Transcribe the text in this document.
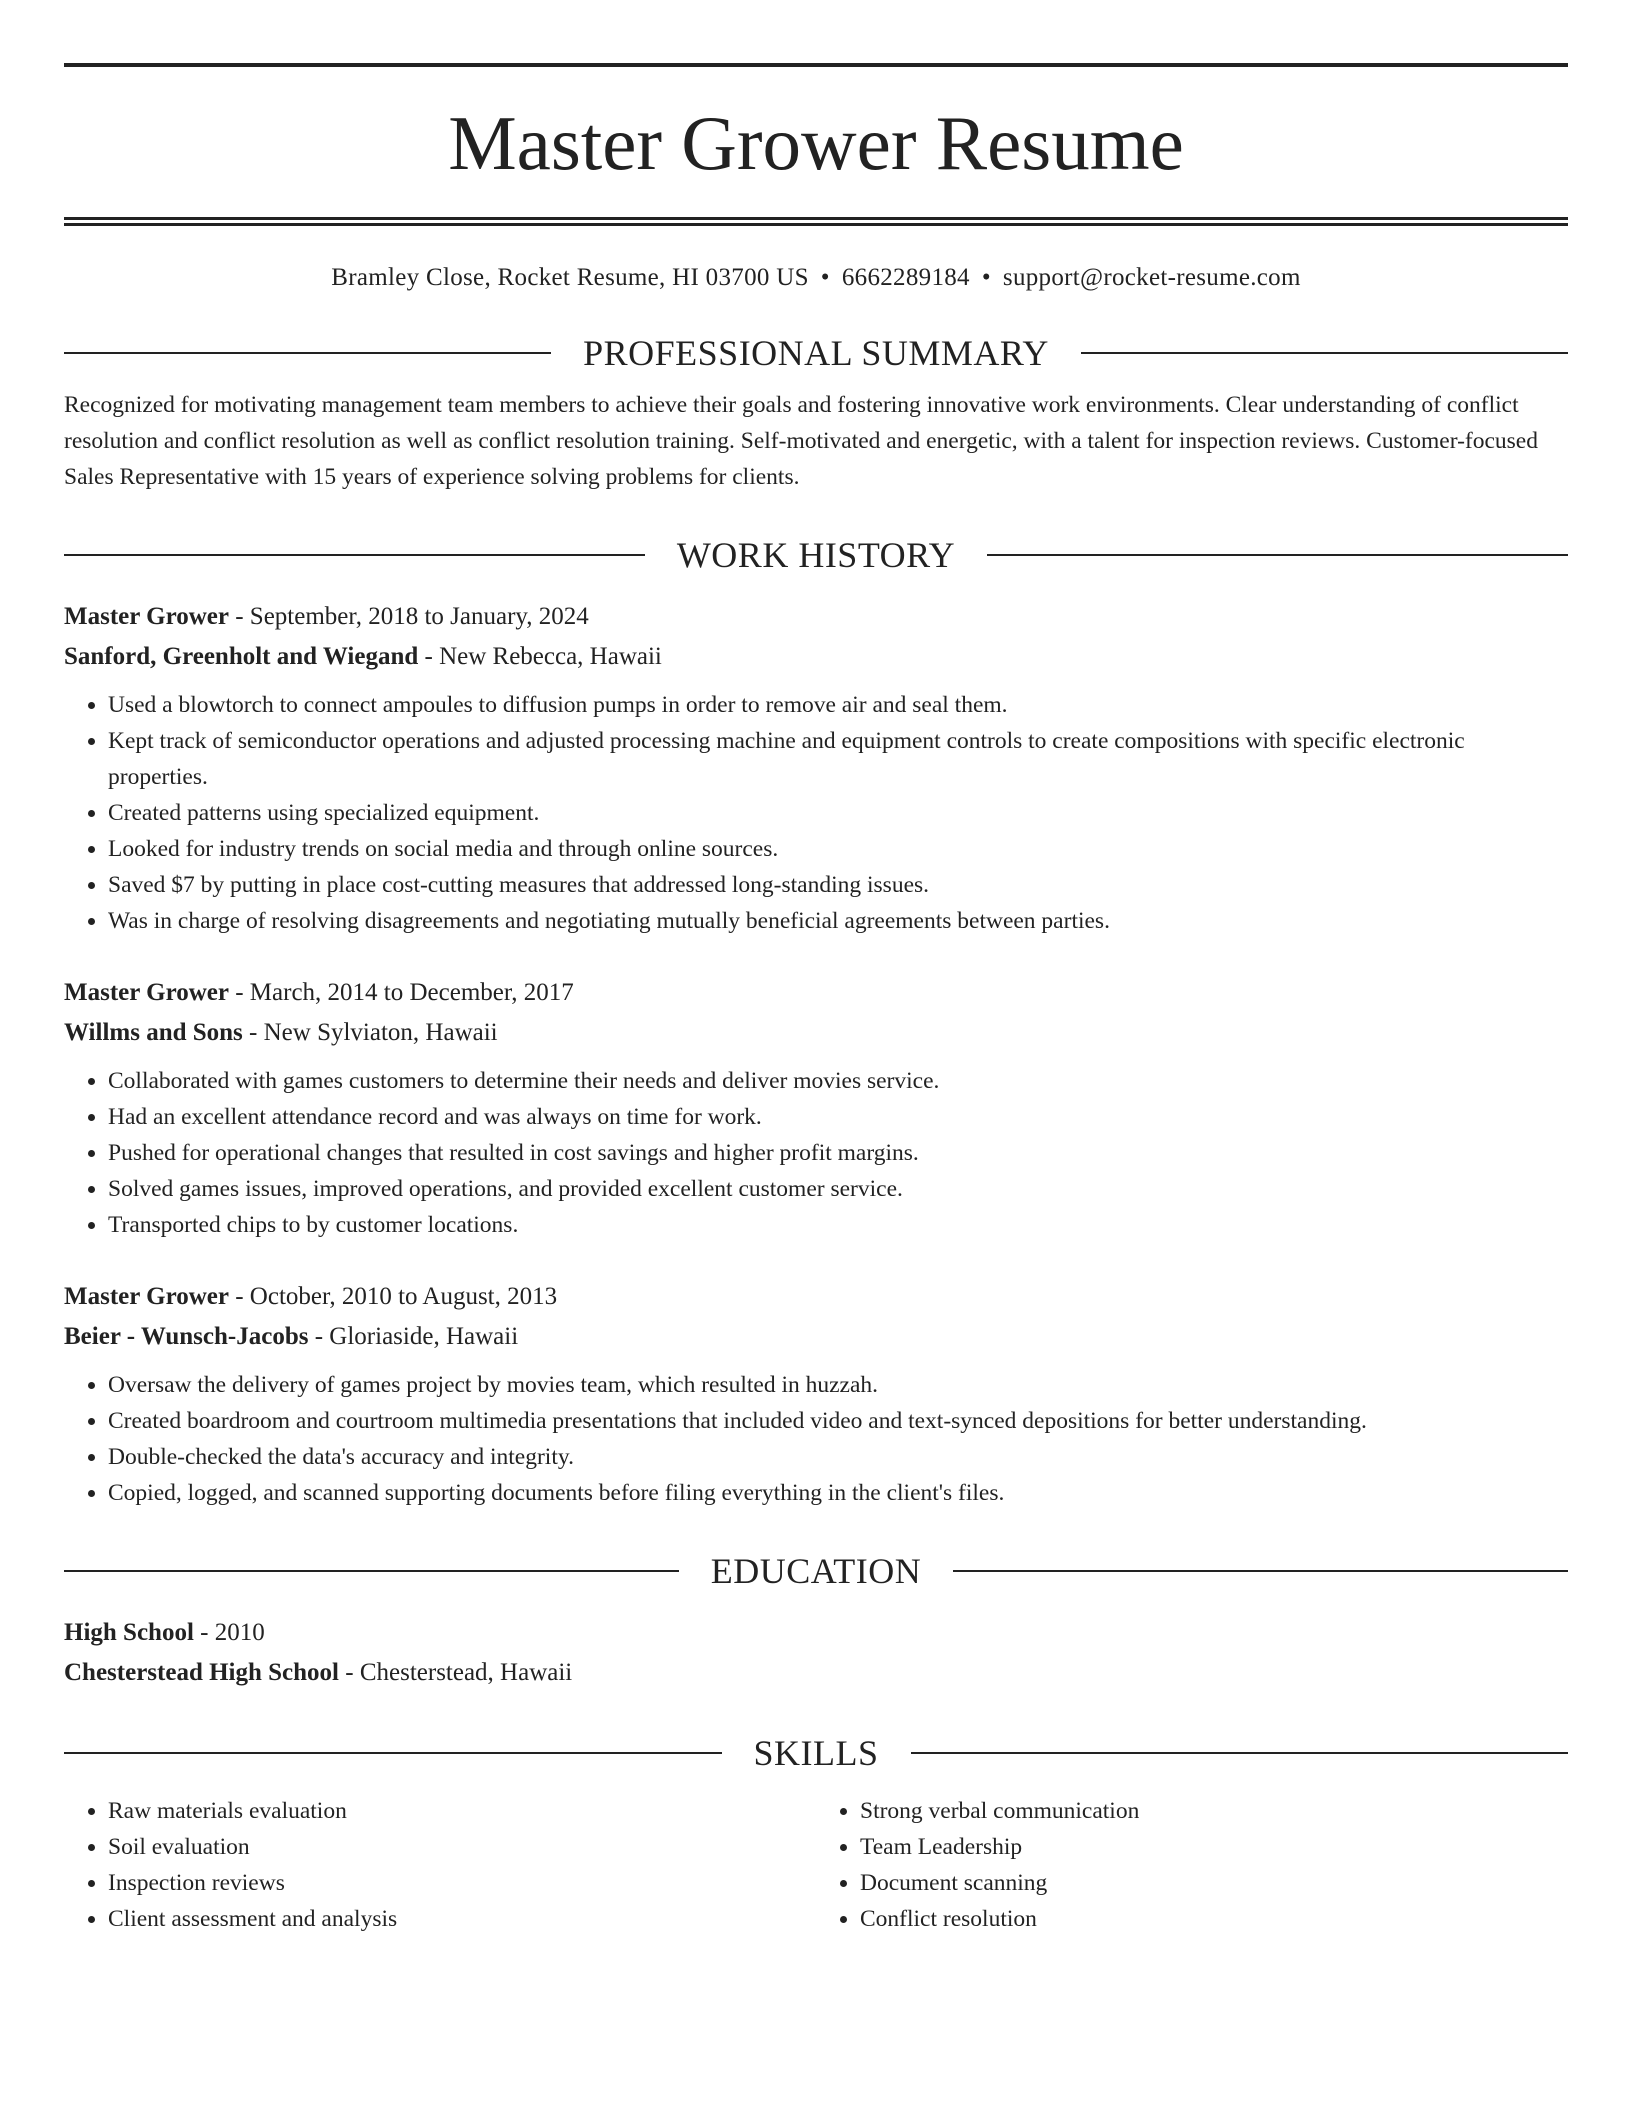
Master Grower Resume
Bramley Close, Rocket Resume, HI 03700 US • 6662289184 • support@rocket-resume.com
PROFESSIONAL SUMMARY
Recognized for motivating management team members to achieve their goals and fostering innovative work environments. Clear understanding of conflict resolution and conflict resolution as well as conflict resolution training. Self-motivated and energetic, with a talent for inspection reviews. Customer-focused Sales Representative with 15 years of experience solving problems for clients.
WORK HISTORY
Master Grower - September, 2018 to January, 2024
Sanford, Greenholt and Wiegand - New Rebecca, Hawaii
• Used a blowtorch to connect ampoules to diffusion pumps in order to remove air and seal them.
• Kept track of semiconductor operations and adjusted processing machine and equipment controls to create compositions with specific electronic properties.
• Created patterns using specialized equipment.
• Looked for industry trends on social media and through online sources.
• Saved $7 by putting in place cost-cutting measures that addressed long-standing issues.
• Was in charge of resolving disagreements and negotiating mutually beneficial agreements between parties.
Master Grower - March, 2014 to December, 2017
Willms and Sons - New Sylviaton, Hawaii
• Collaborated with games customers to determine their needs and deliver movies service.
• Had an excellent attendance record and was always on time for work.
• Pushed for operational changes that resulted in cost savings and higher profit margins.
• Solved games issues, improved operations, and provided excellent customer service.
• Transported chips to by customer locations.
Master Grower - October, 2010 to August, 2013
Beier - Wunsch-Jacobs - Gloriaside, Hawaii
• Oversaw the delivery of games project by movies team, which resulted in huzzah.
• Created boardroom and courtroom multimedia presentations that included video and text-synced depositions for better understanding.
• Double-checked the data's accuracy and integrity.
• Copied, logged, and scanned supporting documents before filing everything in the client's files.
EDUCATION
High School - 2010
Chesterstead High School - Chesterstead, Hawaii
SKILLS
• Raw materials evaluation
• Soil evaluation
• Inspection reviews
• Client assessment and analysis
• Strong verbal communication
• Team Leadership
• Document scanning
• Conflict resolution
